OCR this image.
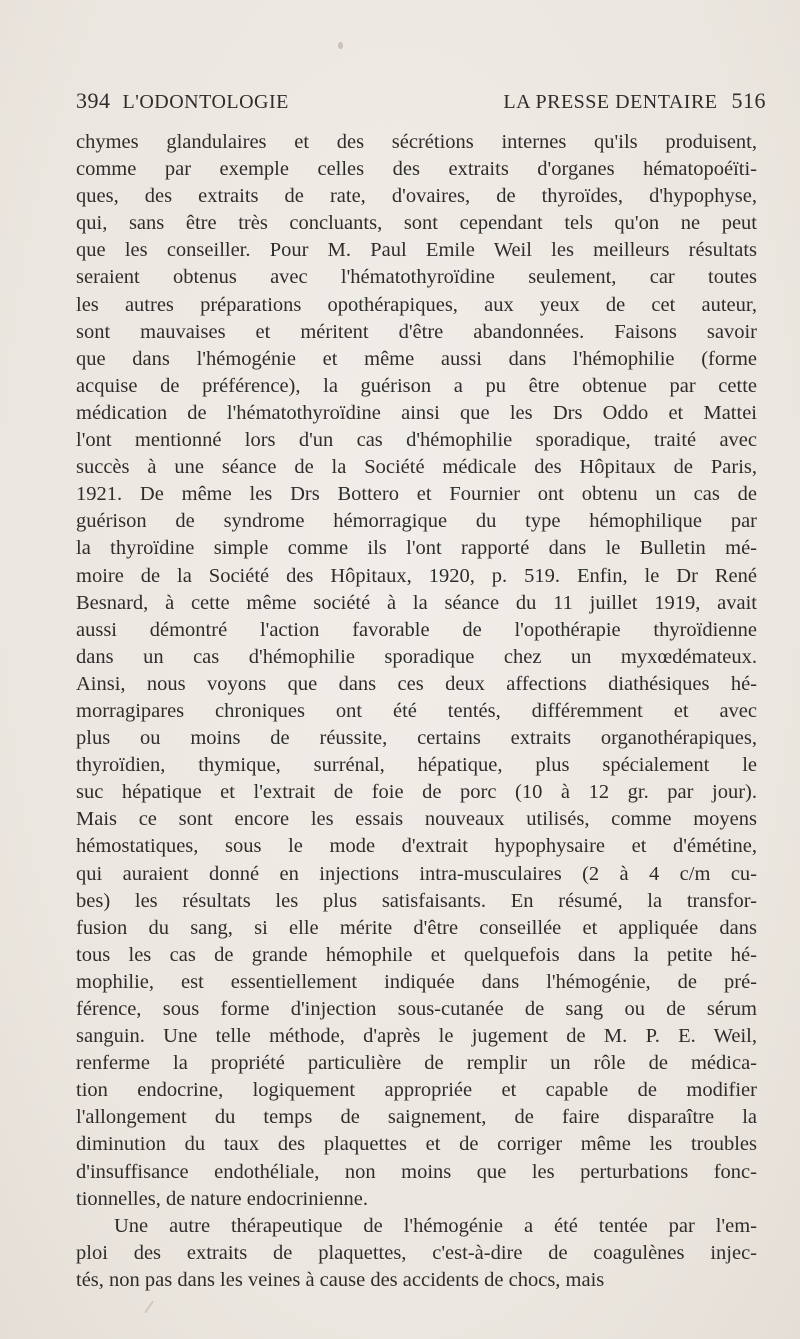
394 L'ODONTOLOGIE	LA PRESSE DENTAIRE 516
chymes glandulaires et des sécrétions internes qu'ils produisent,
comme par exemple celles des extraits d'organes hématopoéïti-
ques, des extraits de rate, d'ovaires, de thyroïdes, d'hypophyse,
qui, sans être très concluants, sont cependant tels qu'on ne peut
que les conseiller. Pour M. Paul Emile Weil les meilleurs résultats
seraient obtenus avec l'hématothyroïdine seulement, car toutes
les autres préparations opothérapiques, aux yeux de cet auteur,
sont mauvaises et méritent d'être abandonnées. Faisons savoir
que dans l'hémogénie et même aussi dans l'hémophilie (forme
acquise de préférence), la guérison a pu être obtenue par cette
médication de l'hématothyroïdine ainsi que les Drs Oddo et Mattei
l'ont mentionné lors d'un cas d'hémophilie sporadique, traité avec
succès à une séance de la Société médicale des Hôpitaux de Paris,
1921. De même les Drs Bottero et Fournier ont obtenu un cas de
guérison de syndrome hémorragique du type hémophilique par
la thyroïdine simple comme ils l'ont rapporté dans le Bulletin mé-
moire de la Société des Hôpitaux, 1920, p. 519. Enfin, le Dr René
Besnard, à cette même société à la séance du 11 juillet 1919, avait
aussi démontré l'action favorable de l'opothérapie thyroïdienne
dans un cas d'hémophilie sporadique chez un myxœdémateux.
Ainsi, nous voyons que dans ces deux affections diathésiques hé-
morragipares chroniques ont été tentés, différemment et avec
plus ou moins de réussite, certains extraits organothérapiques,
thyroïdien, thymique, surrénal, hépatique, plus spécialement le
suc hépatique et l'extrait de foie de porc (10 à 12 gr. par jour).
Mais ce sont encore les essais nouveaux utilisés, comme moyens
hémostatiques, sous le mode d'extrait hypophysaire et d'émétine,
qui auraient donné en injections intra-musculaires (2 à 4 c/m cu-
bes) les résultats les plus satisfaisants. En résumé, la transfor-
fusion du sang, si elle mérite d'être conseillée et appliquée dans
tous les cas de grande hémophile et quelquefois dans la petite hé-
mophilie, est essentiellement indiquée dans l'hémogénie, de pré-
férence, sous forme d'injection sous-cutanée de sang ou de sérum
sanguin. Une telle méthode, d'après le jugement de M. P. E. Weil,
renferme la propriété particulière de remplir un rôle de médica-
tion endocrine, logiquement appropriée et capable de modifier
l'allongement du temps de saignement, de faire disparaître la
diminution du taux des plaquettes et de corriger même les troubles
d'insuffisance endothéliale, non moins que les perturbations fonc-
tionnelles, de nature endocrinienne.
Une autre thérapeutique de l'hémogénie a été tentée par l'em-
ploi des extraits de plaquettes, c'est-à-dire de coagulènes injec-
tés, non pas dans les veines à cause des accidents de chocs, mais
